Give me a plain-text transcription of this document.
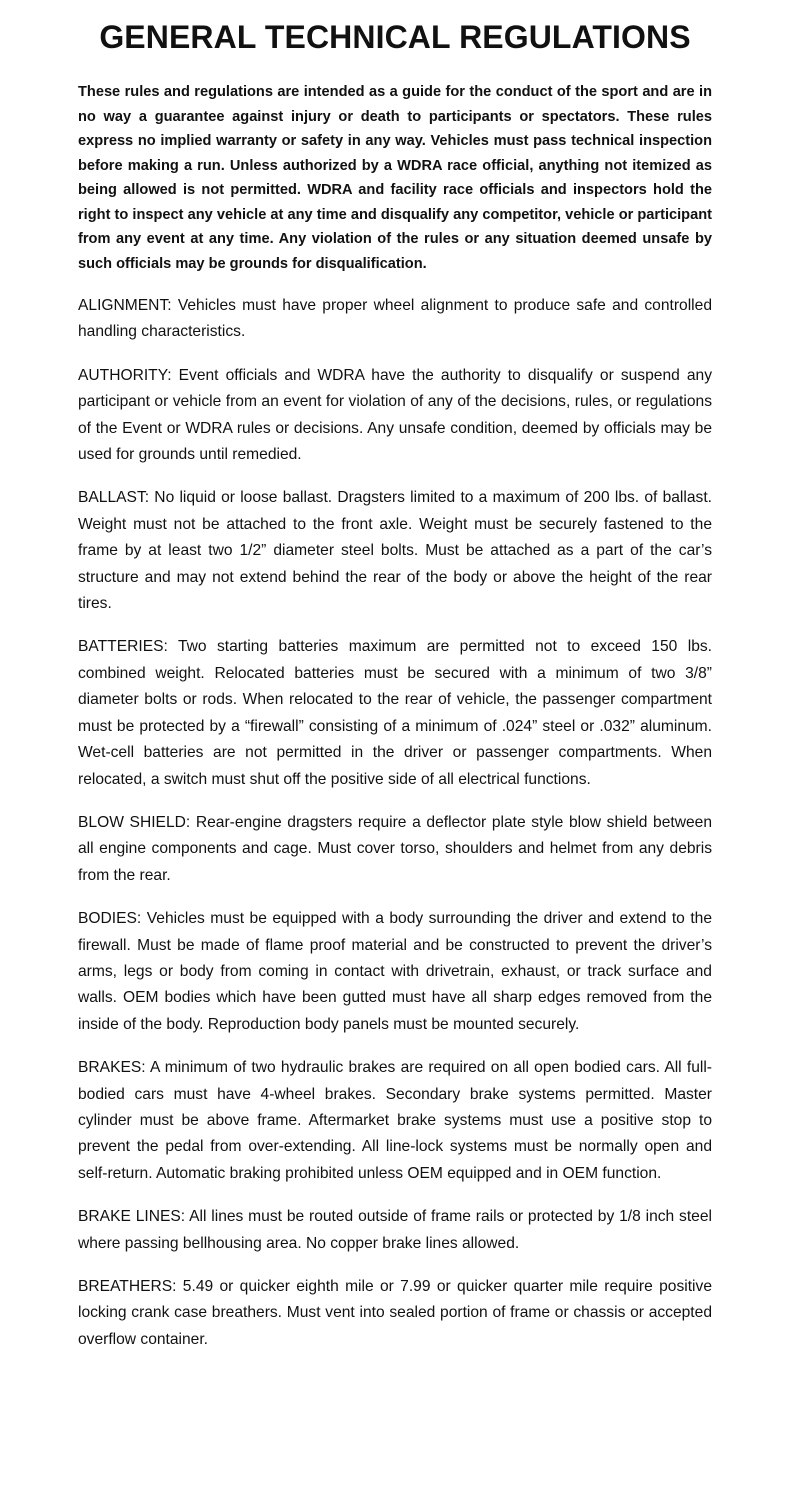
GENERAL TECHNICAL REGULATIONS

These rules and regulations are intended as a guide for the conduct of the sport and are in no way a guarantee against injury or death to participants or spectators. These rules express no implied warranty or safety in any way. Vehicles must pass technical inspection before making a run. Unless authorized by a WDRA race official, anything not itemized as being allowed is not permitted. WDRA and facility race officials and inspectors hold the right to inspect any vehicle at any time and disqualify any competitor, vehicle or participant from any event at any time. Any violation of the rules or any situation deemed unsafe by such officials may be grounds for disqualification.

ALIGNMENT: Vehicles must have proper wheel alignment to produce safe and controlled handling characteristics.

AUTHORITY: Event officials and WDRA have the authority to disqualify or suspend any participant or vehicle from an event for violation of any of the decisions, rules, or regulations of the Event or WDRA rules or decisions. Any unsafe condition, deemed by officials may be used for grounds until remedied.

BALLAST: No liquid or loose ballast. Dragsters limited to a maximum of 200 lbs. of ballast. Weight must not be attached to the front axle. Weight must be securely fastened to the frame by at least two 1/2” diameter steel bolts. Must be attached as a part of the car’s structure and may not extend behind the rear of the body or above the height of the rear tires.

BATTERIES: Two starting batteries maximum are permitted not to exceed 150 lbs. combined weight. Relocated batteries must be secured with a minimum of two 3/8” diameter bolts or rods. When relocated to the rear of vehicle, the passenger compartment must be protected by a “firewall” consisting of a minimum of .024” steel or .032” aluminum. Wet-cell batteries are not permitted in the driver or passenger compartments. When relocated, a switch must shut off the positive side of all electrical functions.

BLOW SHIELD: Rear-engine dragsters require a deflector plate style blow shield between all engine components and cage. Must cover torso, shoulders and helmet from any debris from the rear.

BODIES: Vehicles must be equipped with a body surrounding the driver and extend to the firewall. Must be made of flame proof material and be constructed to prevent the driver’s arms, legs or body from coming in contact with drivetrain, exhaust, or track surface and walls. OEM bodies which have been gutted must have all sharp edges removed from the inside of the body. Reproduction body panels must be mounted securely.

BRAKES: A minimum of two hydraulic brakes are required on all open bodied cars. All full-bodied cars must have 4-wheel brakes. Secondary brake systems permitted. Master cylinder must be above frame. Aftermarket brake systems must use a positive stop to prevent the pedal from over-extending. All line-lock systems must be normally open and self-return. Automatic braking prohibited unless OEM equipped and in OEM function.

BRAKE LINES: All lines must be routed outside of frame rails or protected by 1/8 inch steel where passing bellhousing area. No copper brake lines allowed.

BREATHERS: 5.49 or quicker eighth mile or 7.99 or quicker quarter mile require positive locking crank case breathers. Must vent into sealed portion of frame or chassis or accepted overflow container.
